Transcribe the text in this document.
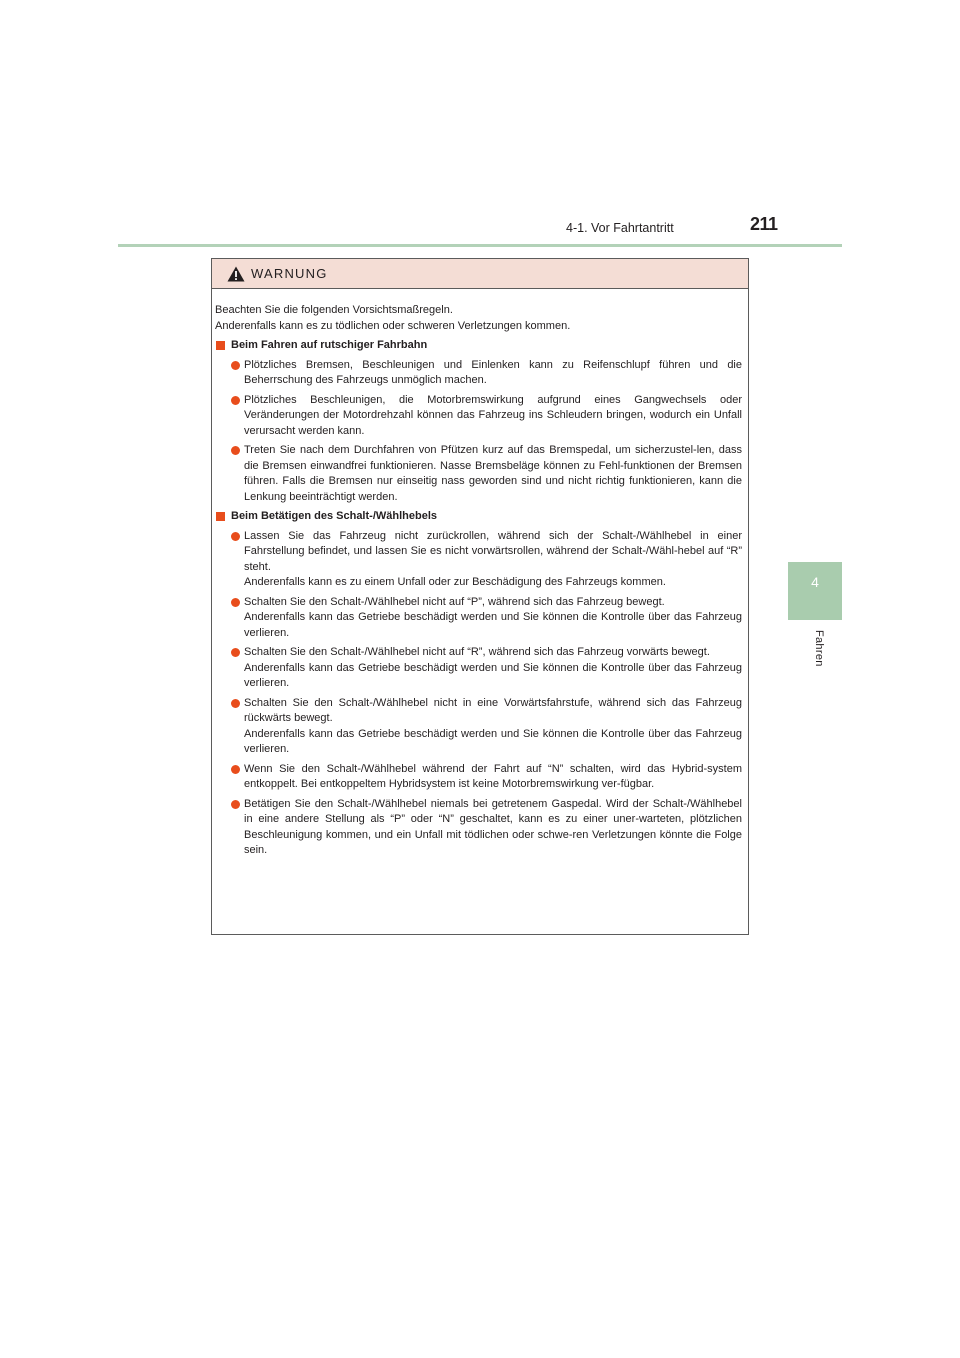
4-1. Vor Fahrtantritt	211
4
Fahren
WARNUNG

Beachten Sie die folgenden Vorsichtsmaßregeln.

Anderenfalls kann es zu tödlichen oder schweren Verletzungen kommen.

Beim Fahren auf rutschiger Fahrbahn
Plötzliches Bremsen, Beschleunigen und Einlenken kann zu Reifenschlupf führen und die Beherrschung des Fahrzeugs unmöglich machen.
Plötzliches Beschleunigen, die Motorbremswirkung aufgrund eines Gangwechsels oder Veränderungen der Motordrehzahl können das Fahrzeug ins Schleudern bringen, wodurch ein Unfall verursacht werden kann.
Treten Sie nach dem Durchfahren von Pfützen kurz auf das Bremspedal, um sicherzustel-len, dass die Bremsen einwandfrei funktionieren. Nasse Bremsbeläge können zu Fehl-funktionen der Bremsen führen. Falls die Bremsen nur einseitig nass geworden sind und nicht richtig funktionieren, kann die Lenkung beeinträchtigt werden.
Beim Betätigen des Schalt-/Wählhebels
Lassen Sie das Fahrzeug nicht zurückrollen, während sich der Schalt-/Wählhebel in einer Fahrstellung befindet, und lassen Sie es nicht vorwärtsrollen, während der Schalt-/Wähl-hebel auf “R” steht.
Anderenfalls kann es zu einem Unfall oder zur Beschädigung des Fahrzeugs kommen.
Schalten Sie den Schalt-/Wählhebel nicht auf “P”, während sich das Fahrzeug bewegt.
Anderenfalls kann das Getriebe beschädigt werden und Sie können die Kontrolle über das Fahrzeug verlieren.
Schalten Sie den Schalt-/Wählhebel nicht auf “R”, während sich das Fahrzeug vorwärts bewegt.
Anderenfalls kann das Getriebe beschädigt werden und Sie können die Kontrolle über das Fahrzeug verlieren.
Schalten Sie den Schalt-/Wählhebel nicht in eine Vorwärtsfahrstufe, während sich das Fahrzeug rückwärts bewegt.
Anderenfalls kann das Getriebe beschädigt werden und Sie können die Kontrolle über das Fahrzeug verlieren.
Wenn Sie den Schalt-/Wählhebel während der Fahrt auf “N” schalten, wird das Hybrid-system entkoppelt. Bei entkoppeltem Hybridsystem ist keine Motorbremswirkung ver-fügbar.
Betätigen Sie den Schalt-/Wählhebel niemals bei getretenem Gaspedal. Wird der Schalt-/Wählhebel in eine andere Stellung als “P” oder “N” geschaltet, kann es zu einer uner-warteten, plötzlichen Beschleunigung kommen, und ein Unfall mit tödlichen oder schwe-ren Verletzungen könnte die Folge sein.
